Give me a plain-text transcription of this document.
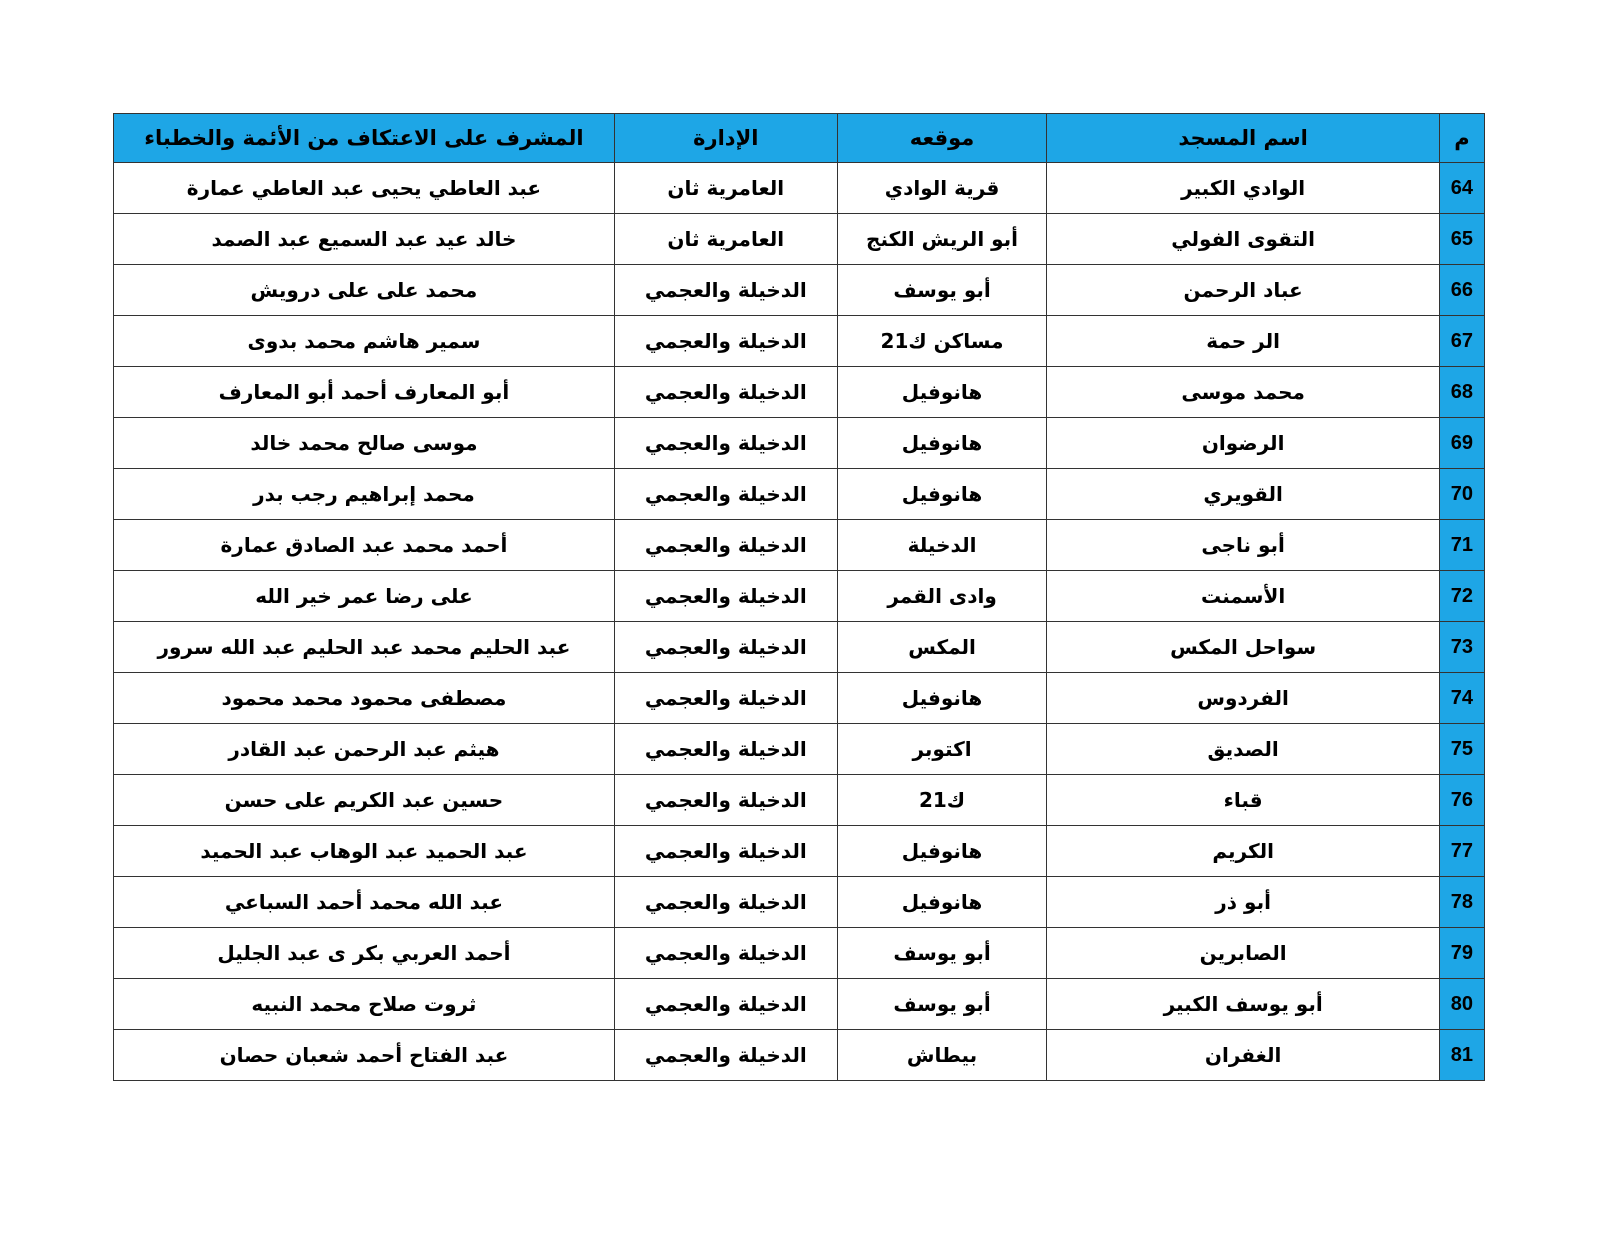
م	اسم المسجد	موقعه	الإدارة	المشرف على الاعتكاف من الأئمة والخطباء
64	الوادي الكبير	قرية الوادي	العامرية ثان	عبد العاطي يحيى عبد العاطي عمارة
65	التقوى الفولي	أبو الريش الكنج	العامرية ثان	خالد عيد عبد السميع عبد الصمد
66	عباد الرحمن	أبو يوسف	الدخيلة والعجمي	محمد على على درويش
67	الر حمة	مساكن ك21	الدخيلة والعجمي	سمير هاشم محمد بدوى
68	محمد موسى	هانوفيل	الدخيلة والعجمي	أبو المعارف أحمد أبو المعارف
69	الرضوان	هانوفيل	الدخيلة والعجمي	موسى صالح محمد خالد
70	القويري	هانوفيل	الدخيلة والعجمي	محمد إبراهيم رجب بدر
71	أبو ناجى	الدخيلة	الدخيلة والعجمي	أحمد محمد عبد الصادق عمارة
72	الأسمنت	وادى القمر	الدخيلة والعجمي	على رضا عمر خير الله
73	سواحل المكس	المكس	الدخيلة والعجمي	عبد الحليم محمد عبد الحليم عبد الله سرور
74	الفردوس	هانوفيل	الدخيلة والعجمي	مصطفى محمود محمد محمود
75	الصديق	اكتوبر	الدخيلة والعجمي	هيثم عبد الرحمن عبد القادر
76	قباء	ك21	الدخيلة والعجمي	حسين عبد الكريم على حسن
77	الكريم	هانوفيل	الدخيلة والعجمي	عبد الحميد عبد الوهاب عبد الحميد
78	أبو ذر	هانوفيل	الدخيلة والعجمي	عبد الله محمد أحمد السباعي
79	الصابرين	أبو يوسف	الدخيلة والعجمي	أحمد العربي بكر ى عبد الجليل
80	أبو يوسف الكبير	أبو يوسف	الدخيلة والعجمي	ثروت صلاح محمد النبيه
81	الغفران	بيطاش	الدخيلة والعجمي	عبد الفتاح أحمد شعبان حصان
